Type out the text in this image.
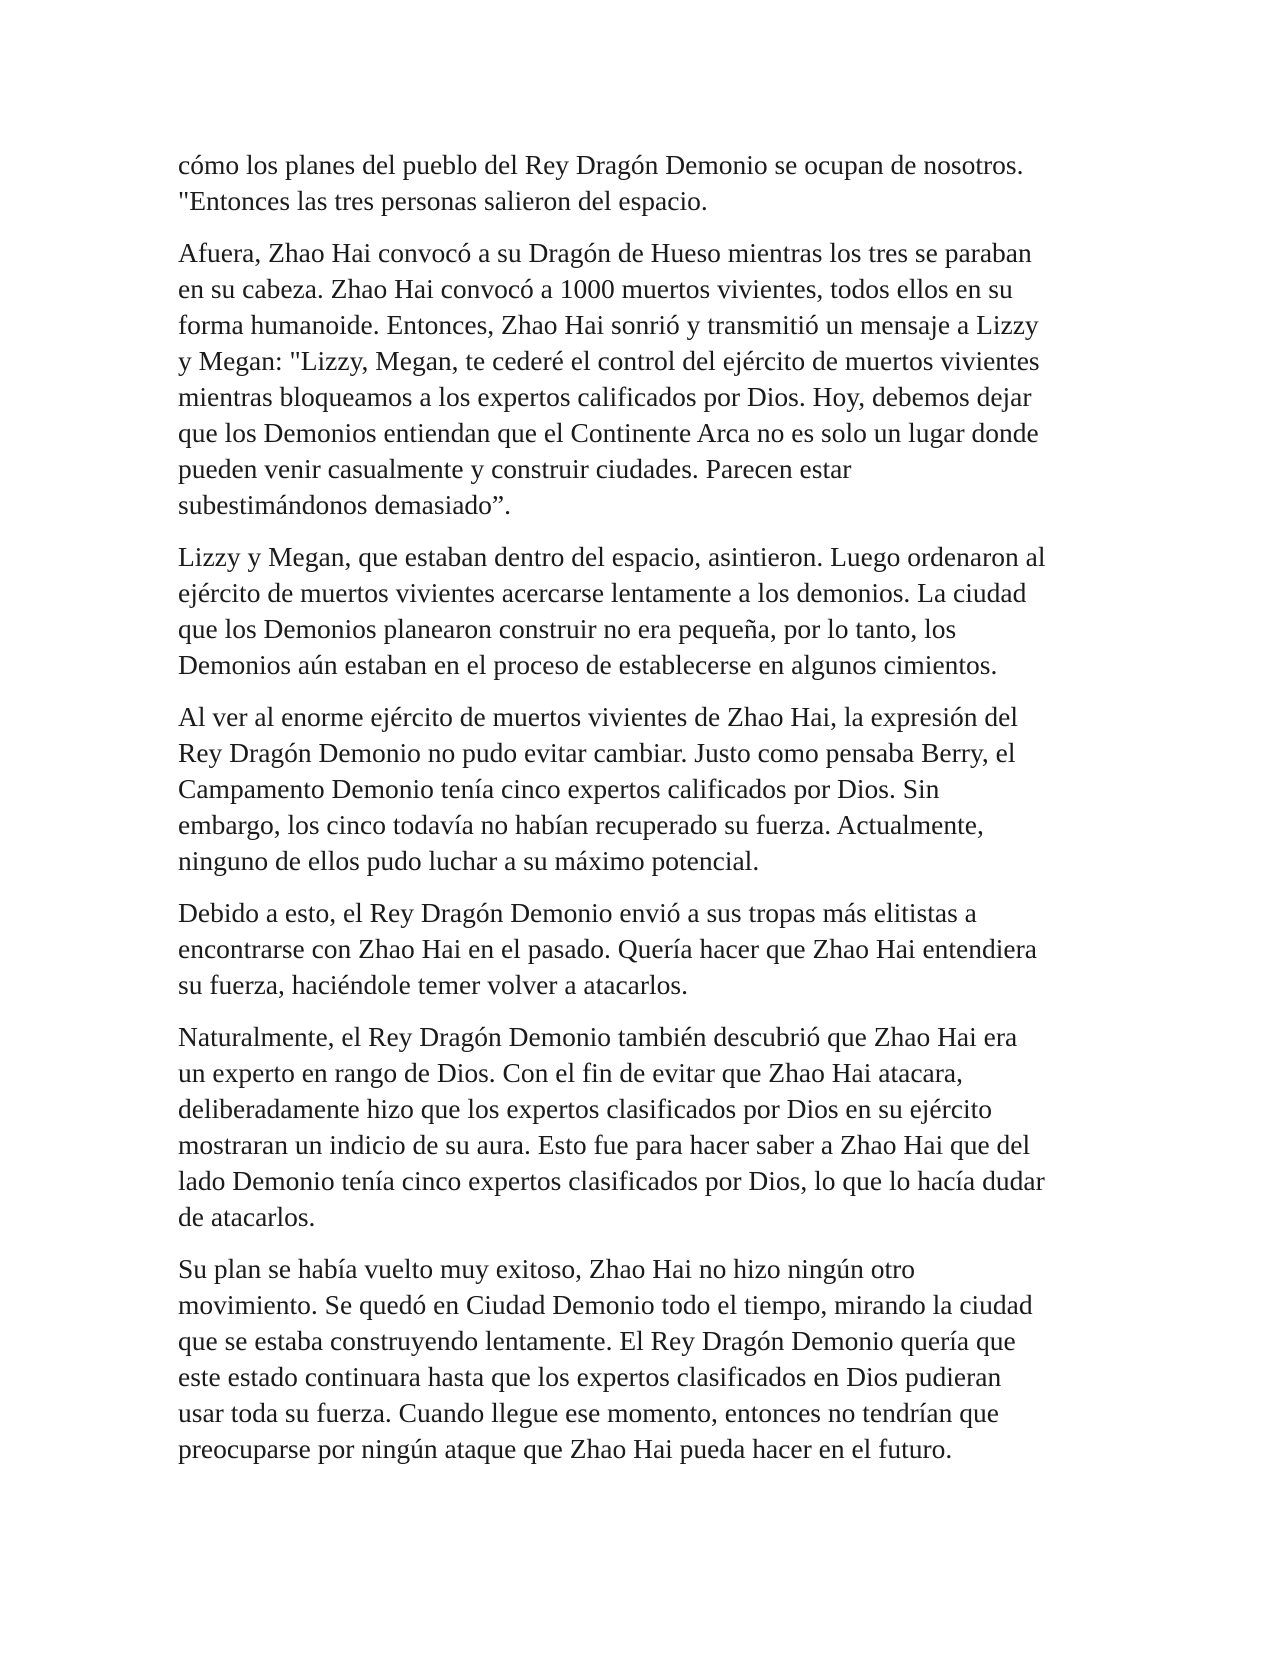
cómo los planes del pueblo del Rey Dragón Demonio se ocupan de nosotros.
"Entonces las tres personas salieron del espacio.

Afuera, Zhao Hai convocó a su Dragón de Hueso mientras los tres se paraban
en su cabeza. Zhao Hai convocó a 1000 muertos vivientes, todos ellos en su
forma humanoide. Entonces, Zhao Hai sonrió y transmitió un mensaje a Lizzy
y Megan: "Lizzy, Megan, te cederé el control del ejército de muertos vivientes
mientras bloqueamos a los expertos calificados por Dios. Hoy, debemos dejar
que los Demonios entiendan que el Continente Arca no es solo un lugar donde
pueden venir casualmente y construir ciudades. Parecen estar
subestimándonos demasiado”.

Lizzy y Megan, que estaban dentro del espacio, asintieron. Luego ordenaron al
ejército de muertos vivientes acercarse lentamente a los demonios. La ciudad
que los Demonios planearon construir no era pequeña, por lo tanto, los
Demonios aún estaban en el proceso de establecerse en algunos cimientos.

Al ver al enorme ejército de muertos vivientes de Zhao Hai, la expresión del
Rey Dragón Demonio no pudo evitar cambiar. Justo como pensaba Berry, el
Campamento Demonio tenía cinco expertos calificados por Dios. Sin
embargo, los cinco todavía no habían recuperado su fuerza. Actualmente,
ninguno de ellos pudo luchar a su máximo potencial.

Debido a esto, el Rey Dragón Demonio envió a sus tropas más elitistas a
encontrarse con Zhao Hai en el pasado. Quería hacer que Zhao Hai entendiera
su fuerza, haciéndole temer volver a atacarlos.

Naturalmente, el Rey Dragón Demonio también descubrió que Zhao Hai era
un experto en rango de Dios. Con el fin de evitar que Zhao Hai atacara,
deliberadamente hizo que los expertos clasificados por Dios en su ejército
mostraran un indicio de su aura. Esto fue para hacer saber a Zhao Hai que del
lado Demonio tenía cinco expertos clasificados por Dios, lo que lo hacía dudar
de atacarlos.

Su plan se había vuelto muy exitoso, Zhao Hai no hizo ningún otro
movimiento. Se quedó en Ciudad Demonio todo el tiempo, mirando la ciudad
que se estaba construyendo lentamente. El Rey Dragón Demonio quería que
este estado continuara hasta que los expertos clasificados en Dios pudieran
usar toda su fuerza. Cuando llegue ese momento, entonces no tendrían que
preocuparse por ningún ataque que Zhao Hai pueda hacer en el futuro.
